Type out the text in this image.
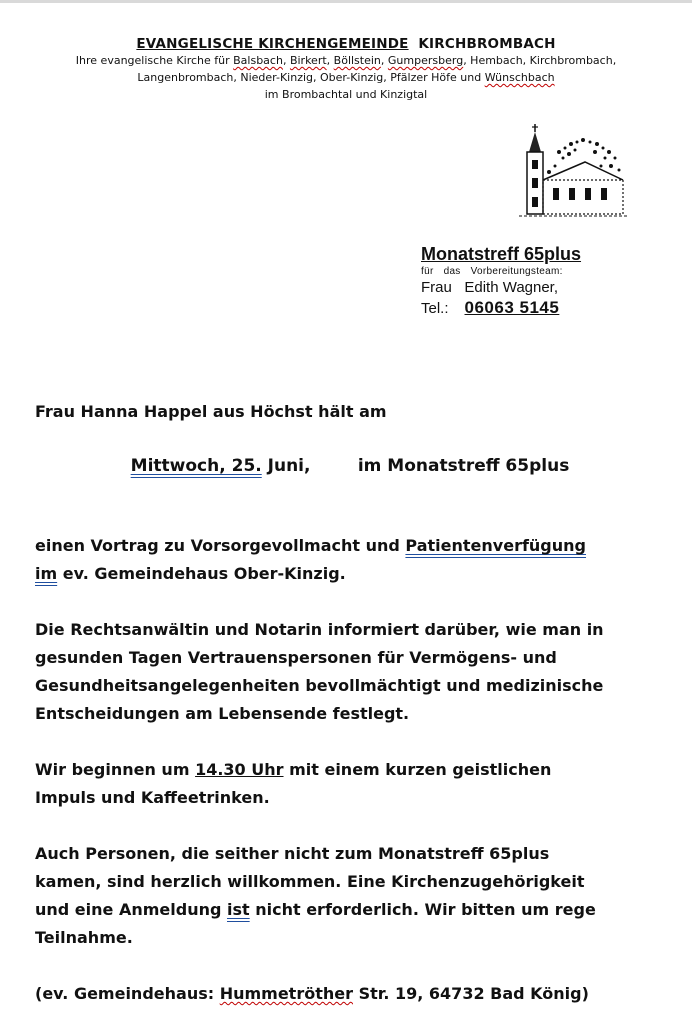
EVANGELISCHE KIRCHENGEMEINDE KIRCHBROMBACH
Ihre evangelische Kirche für Balsbach, Birkert, Böllstein, Gumpersberg, Hembach, Kirchbrombach,
Langenbrombach, Nieder-Kinzig, Ober-Kinzig, Pfälzer Höfe und Wünschbach
im Brombachtal und Kinzigtal
Monatstreff 65plus
für das Vorbereitungsteam:
Frau Edith Wagner,
Tel.: 06063 5145
Mittwoch, 25. Juni,	im Monatstreff 65plus

Frau Hanna Happel aus Höchst hält am

einen Vortrag zu Vorsorgevollmacht und Patientenverfügung
im ev. Gemeindehaus Ober-Kinzig.

Die Rechtsanwältin und Notarin informiert darüber, wie man in
gesunden Tagen Vertrauenspersonen für Vermögens- und
Gesundheitsangelegenheiten bevollmächtigt und medizinische
Entscheidungen am Lebensende festlegt.

Wir beginnen um 14.30 Uhr mit einem kurzen geistlichen
Impuls und Kaffeetrinken.

Auch Personen, die seither nicht zum Monatstreff 65plus
kamen, sind herzlich willkommen. Eine Kirchenzugehörigkeit
und eine Anmeldung ist nicht erforderlich. Wir bitten um rege
Teilnahme.

(ev. Gemeindehaus: Hummetröther Str. 19, 64732 Bad König)
